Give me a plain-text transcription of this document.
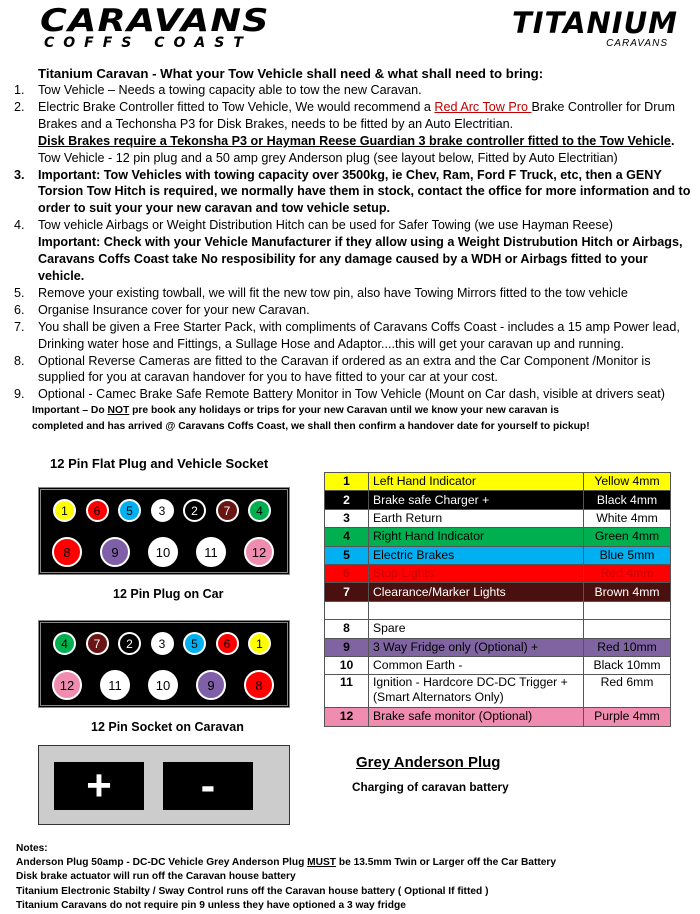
CARAVANS
COFFS COAST
TITANIUM
CARAVANS
Titanium Caravan - What your Tow Vehicle shall need & what shall need to bring:
1. Tow Vehicle – Needs a towing capacity able to tow the new Caravan.
2. Electric Brake Controller fitted to Tow Vehicle, We would recommend a Red Arc Tow Pro Brake Controller for Drum Brakes and a Techonsha P3 for Disk Brakes, needs to be fitted by an Auto Electritian.
Disk Brakes require a Tekonsha P3 or Hayman Reese Guardian 3 brake controller fitted to the Tow Vehicle.
Tow Vehicle - 12 pin plug and a 50 amp grey Anderson plug (see layout below, Fitted by Auto Electritian)
3. Important: Tow Vehicles with towing capacity over 3500kg, ie Chev, Ram, Ford F Truck, etc, then a GENY Torsion Tow Hitch is required, we normally have them in stock, contact the office for more information and to order to suit your your new caravan and tow vehicle setup.
4. Tow vehicle Airbags or Weight Distribution Hitch can be used for Safer Towing (we use Hayman Reese)
Important: Check with your Vehicle Manufacturer if they allow using a Weight Distrubution Hitch or Airbags, Caravans Coffs Coast take No resposibility for any damage caused by a WDH or Airbags fitted to your vehicle.
5. Remove your existing towball, we will fit the new tow pin, also have Towing Mirrors fitted to the tow vehicle
6. Organise Insurance cover for your new Caravan.
7. You shall be given a Free Starter Pack, with compliments of Caravans Coffs Coast - includes a 15 amp Power lead, Drinking water hose and Fittings, a Sullage Hose and Adaptor....this will get your caravan up and running.
8. Optional Reverse Cameras are fitted to the Caravan if ordered as an extra and the Car Component /Monitor is supplied for you at caravan handover for you to have fitted to your car at your cost.
9. Optional - Camec Brake Safe Remote Battery Monitor in Tow Vehicle (Mount on Car dash, visible at drivers seat)
Important – Do NOT pre book any holidays or trips for your new Caravan until we know your new caravan is
completed and has arrived @ Caravans Coffs Coast, we shall then confirm a handover date for yourself to pickup!
12 Pin Flat Plug and Vehicle Socket
1	6	5	3	2	7	4
8	9	10	11	12
12 Pin Plug on Car
4	7	2	3	5	6	1
12	11	10	9	8
12 Pin Socket on Caravan
1	Left Hand Indicator	Yellow 4mm
2	Brake safe Charger +	Black 4mm
3	Earth Return	White 4mm
4	Right Hand Indicator	Green 4mm
5	Electric Brakes	Blue 5mm
6	Stop Lights	Red 4mm
7	Clearance/Marker Lights	Brown 4mm

8	Spare	
9	3 Way Fridge only (Optional) +	Red 10mm
10	Common Earth -	Black 10mm
11	Ignition - Hardcore DC-DC Trigger + (Smart Alternators Only)	Red 6mm
12	Brake safe monitor (Optional)	Purple 4mm
+	-	Grey Anderson Plug
Charging of caravan battery
Notes:
Anderson Plug 50amp - DC-DC Vehicle Grey Anderson Plug MUST be 13.5mm Twin or Larger off the Car Battery
Disk brake actuator will run off the Caravan house battery
Titanium Electronic Stabilty / Sway Control runs off the Caravan house battery ( Optional If fitted )
Titanium Caravans do not require pin 9 unless they have optioned a 3 way fridge
